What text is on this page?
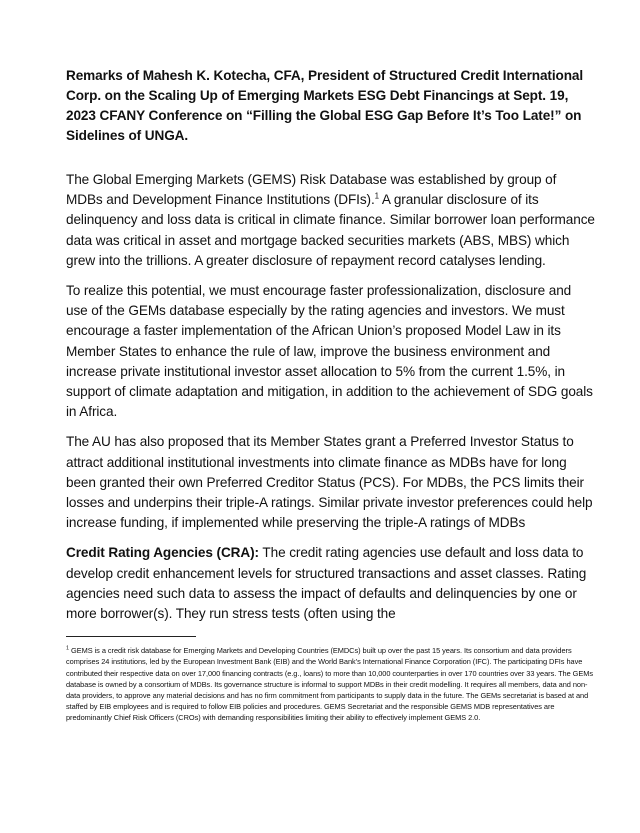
Remarks of Mahesh K. Kotecha, CFA, President of Structured Credit International Corp. on the Scaling Up of Emerging Markets ESG Debt Financings at Sept. 19, 2023 CFANY Conference on “Filling the Global ESG Gap Before It’s Too Late!” on Sidelines of UNGA.

The Global Emerging Markets (GEMS) Risk Database was established by group of MDBs and Development Finance Institutions (DFIs).$^1$ A granular disclosure of its delinquency and loss data is critical in climate finance. Similar borrower loan performance data was critical in asset and mortgage backed securities markets (ABS, MBS) which grew into the trillions. A greater disclosure of repayment record catalyses lending.

To realize this potential, we must encourage faster professionalization, disclosure and use of the GEMs database especially by the rating agencies and investors. We must encourage a faster implementation of the African Union’s proposed Model Law in its Member States to enhance the rule of law, improve the business environment and increase private institutional investor asset allocation to 5% from the current 1.5%, in support of climate adaptation and mitigation, in addition to the achievement of SDG goals in Africa.

The AU has also proposed that its Member States grant a Preferred Investor Status to attract additional institutional investments into climate finance as MDBs have for long been granted their own Preferred Creditor Status (PCS). For MDBs, the PCS limits their losses and underpins their triple-A ratings. Similar private investor preferences could help increase funding, if implemented while preserving the triple-A ratings of MDBs

Credit Rating Agencies (CRA): The credit rating agencies use default and loss data to develop credit enhancement levels for structured transactions and asset classes. Rating agencies need such data to assess the impact of defaults and delinquencies by one or more borrower(s). They run stress tests (often using the

$^1$ GEMS is a credit risk database for Emerging Markets and Developing Countries (EMDCs) built up over the past 15 years. Its consortium and data providers comprises 24 institutions, led by the European Investment Bank (EIB) and the World Bank’s International Finance Corporation (IFC). The participating DFIs have contributed their respective data on over 17,000 financing contracts (e.g., loans) to more than 10,000 counterparties in over 170 countries over 33 years. The GEMs database is owned by a consortium of MDBs. Its governance structure is informal to support MDBs in their credit modelling. It requires all members, data and non-data providers, to approve any material decisions and has no firm commitment from participants to supply data in the future. The GEMs secretariat is based at and staffed by EIB employees and is required to follow EIB policies and procedures. GEMS Secretariat and the responsible GEMS MDB representatives are predominantly Chief Risk Officers (CROs) with demanding responsibilities limiting their ability to effectively implement GEMS 2.0.
